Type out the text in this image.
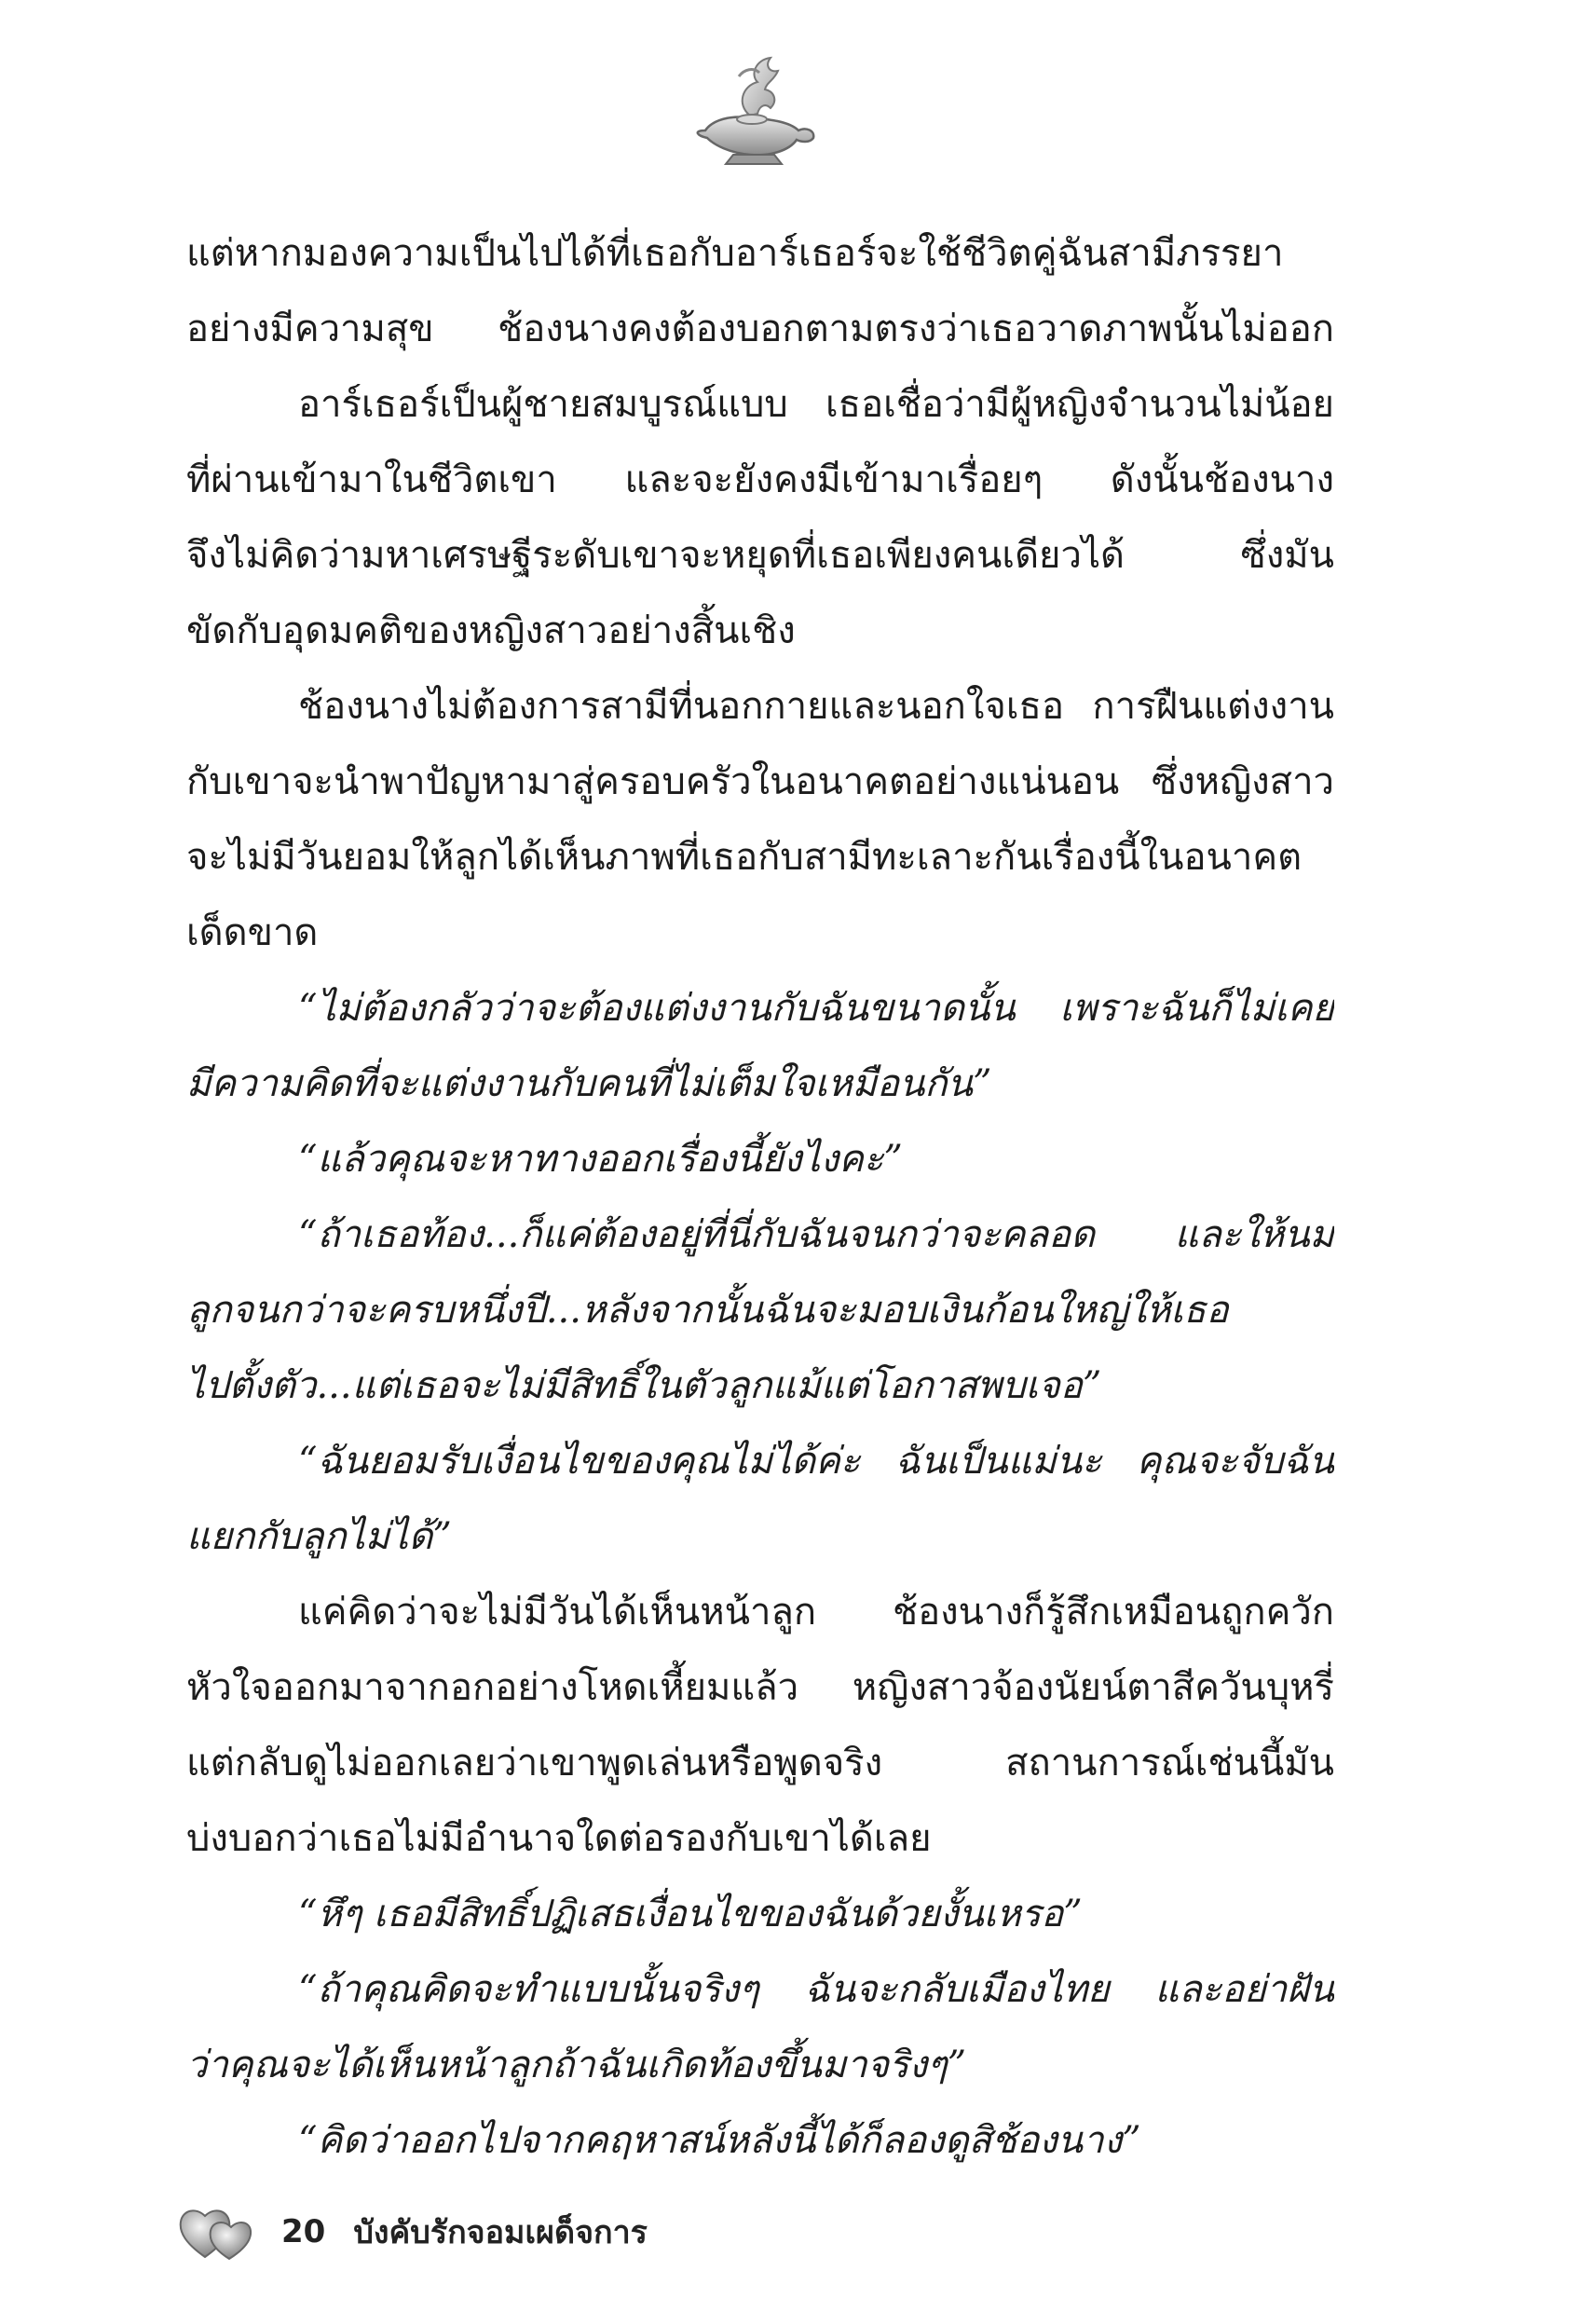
แต่หากมองความเป็นไปได้ที่เธอกับอาร์เธอร์จะใช้ชีวิตคู่ฉันสามีภรรยา
อย่างมีความสุข ช้องนางคงต้องบอกตามตรงว่าเธอวาดภาพนั้นไม่ออก
อาร์เธอร์เป็นผู้ชายสมบูรณ์แบบ เธอเชื่อว่ามีผู้หญิงจำนวนไม่น้อย
ที่ผ่านเข้ามาในชีวิตเขา และจะยังคงมีเข้ามาเรื่อยๆ ดังนั้นช้องนาง
จึงไม่คิดว่ามหาเศรษฐีระดับเขาจะหยุดที่เธอเพียงคนเดียวได้ ซึ่งมัน
ขัดกับอุดมคติของหญิงสาวอย่างสิ้นเชิง
ช้องนางไม่ต้องการสามีที่นอกกายและนอกใจเธอ การฝืนแต่งงาน
กับเขาจะนำพาปัญหามาสู่ครอบครัวในอนาคตอย่างแน่นอน ซึ่งหญิงสาว
จะไม่มีวันยอมให้ลูกได้เห็นภาพที่เธอกับสามีทะเลาะกันเรื่องนี้ในอนาคต
เด็ดขาด
“ไม่ต้องกลัวว่าจะต้องแต่งงานกับฉันขนาดนั้น เพราะฉันก็ไม่เคย
มีความคิดที่จะแต่งงานกับคนที่ไม่เต็มใจเหมือนกัน”
“แล้วคุณจะหาทางออกเรื่องนี้ยังไงคะ”
“ถ้าเธอท้อง...ก็แค่ต้องอยู่ที่นี่กับฉันจนกว่าจะคลอด และให้นม
ลูกจนกว่าจะครบหนึ่งปี...หลังจากนั้นฉันจะมอบเงินก้อนใหญ่ให้เธอ
ไปตั้งตัว...แต่เธอจะไม่มีสิทธิ์ในตัวลูกแม้แต่โอกาสพบเจอ”
“ฉันยอมรับเงื่อนไขของคุณไม่ได้ค่ะ ฉันเป็นแม่นะ คุณจะจับฉัน
แยกกับลูกไม่ได้”
แค่คิดว่าจะไม่มีวันได้เห็นหน้าลูก ช้องนางก็รู้สึกเหมือนถูกควัก
หัวใจออกมาจากอกอย่างโหดเหี้ยมแล้ว หญิงสาวจ้องนัยน์ตาสีควันบุหรี่
แต่กลับดูไม่ออกเลยว่าเขาพูดเล่นหรือพูดจริง สถานการณ์เช่นนี้มัน
บ่งบอกว่าเธอไม่มีอำนาจใดต่อรองกับเขาได้เลย
“หึๆ เธอมีสิทธิ์ปฏิเสธเงื่อนไขของฉันด้วยงั้นเหรอ”
“ถ้าคุณคิดจะทำแบบนั้นจริงๆ ฉันจะกลับเมืองไทย และอย่าฝัน
ว่าคุณจะได้เห็นหน้าลูกถ้าฉันเกิดท้องขึ้นมาจริงๆ”
“คิดว่าออกไปจากคฤหาสน์หลังนี้ได้ก็ลองดูสิช้องนาง”
20 บังคับรักจอมเผด็จการ
